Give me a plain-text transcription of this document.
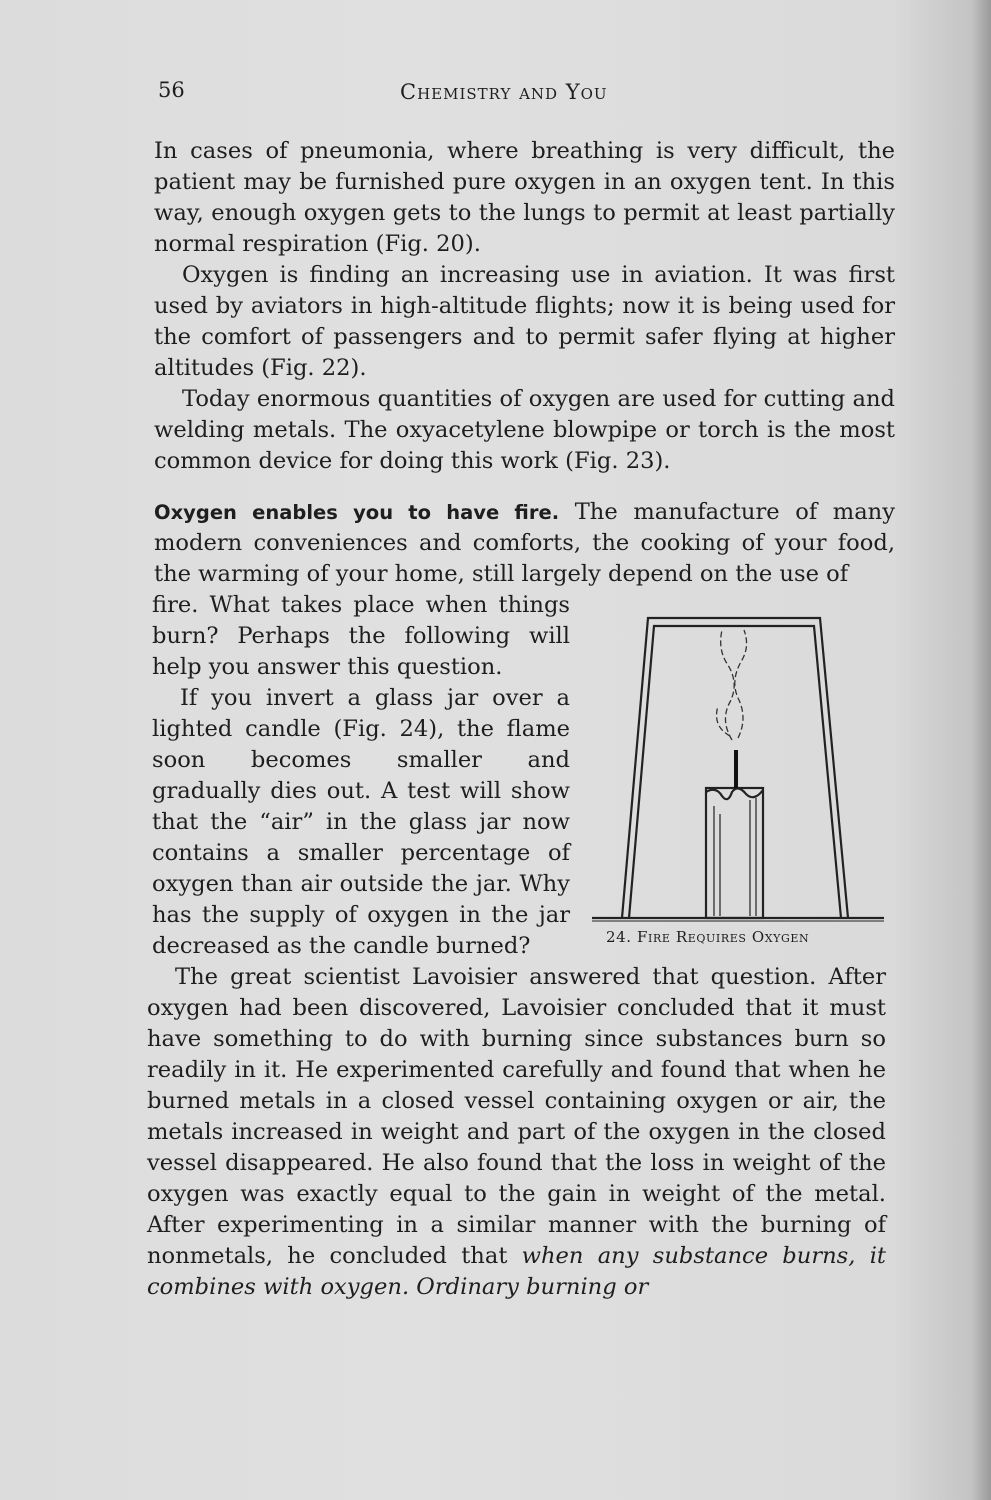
56	Chemistry and You

In cases of pneumonia, where breathing is very difficult, the patient may be furnished pure oxygen in an oxygen tent. In this way, enough oxygen gets to the lungs to permit at least partially normal respiration (Fig. 20).

Oxygen is finding an increasing use in aviation. It was first used by aviators in high-altitude flights; now it is being used for the comfort of passengers and to permit safer flying at higher altitudes (Fig. 22).

Today enormous quantities of oxygen are used for cutting and welding metals. The oxyacetylene blowpipe or torch is the most common device for doing this work (Fig. 23).

Oxygen enables you to have fire. The manufacture of many modern conveniences and comforts, the cooking of your food, the warming of your home, still largely depend on the use of

fire. What takes place when things burn? Perhaps the following will help you answer this question.

If you invert a glass jar over a lighted candle (Fig. 24), the flame soon becomes smaller and gradually dies out. A test will show that the “air” in the glass jar now contains a smaller percentage of oxygen than air outside the jar. Why has the supply of oxygen in the jar decreased as the candle burned?	24. Fire Requires Oxygen

The great scientist Lavoisier answered that question. After oxygen had been discovered, Lavoisier concluded that it must have something to do with burning since substances burn so readily in it. He experimented carefully and found that when he burned metals in a closed vessel containing oxygen or air, the metals increased in weight and part of the oxygen in the closed vessel disappeared. He also found that the loss in weight of the oxygen was exactly equal to the gain in weight of the metal. After experimenting in a similar manner with the burning of nonmetals, he concluded that when any substance burns, it combines with oxygen. Ordinary burning or
